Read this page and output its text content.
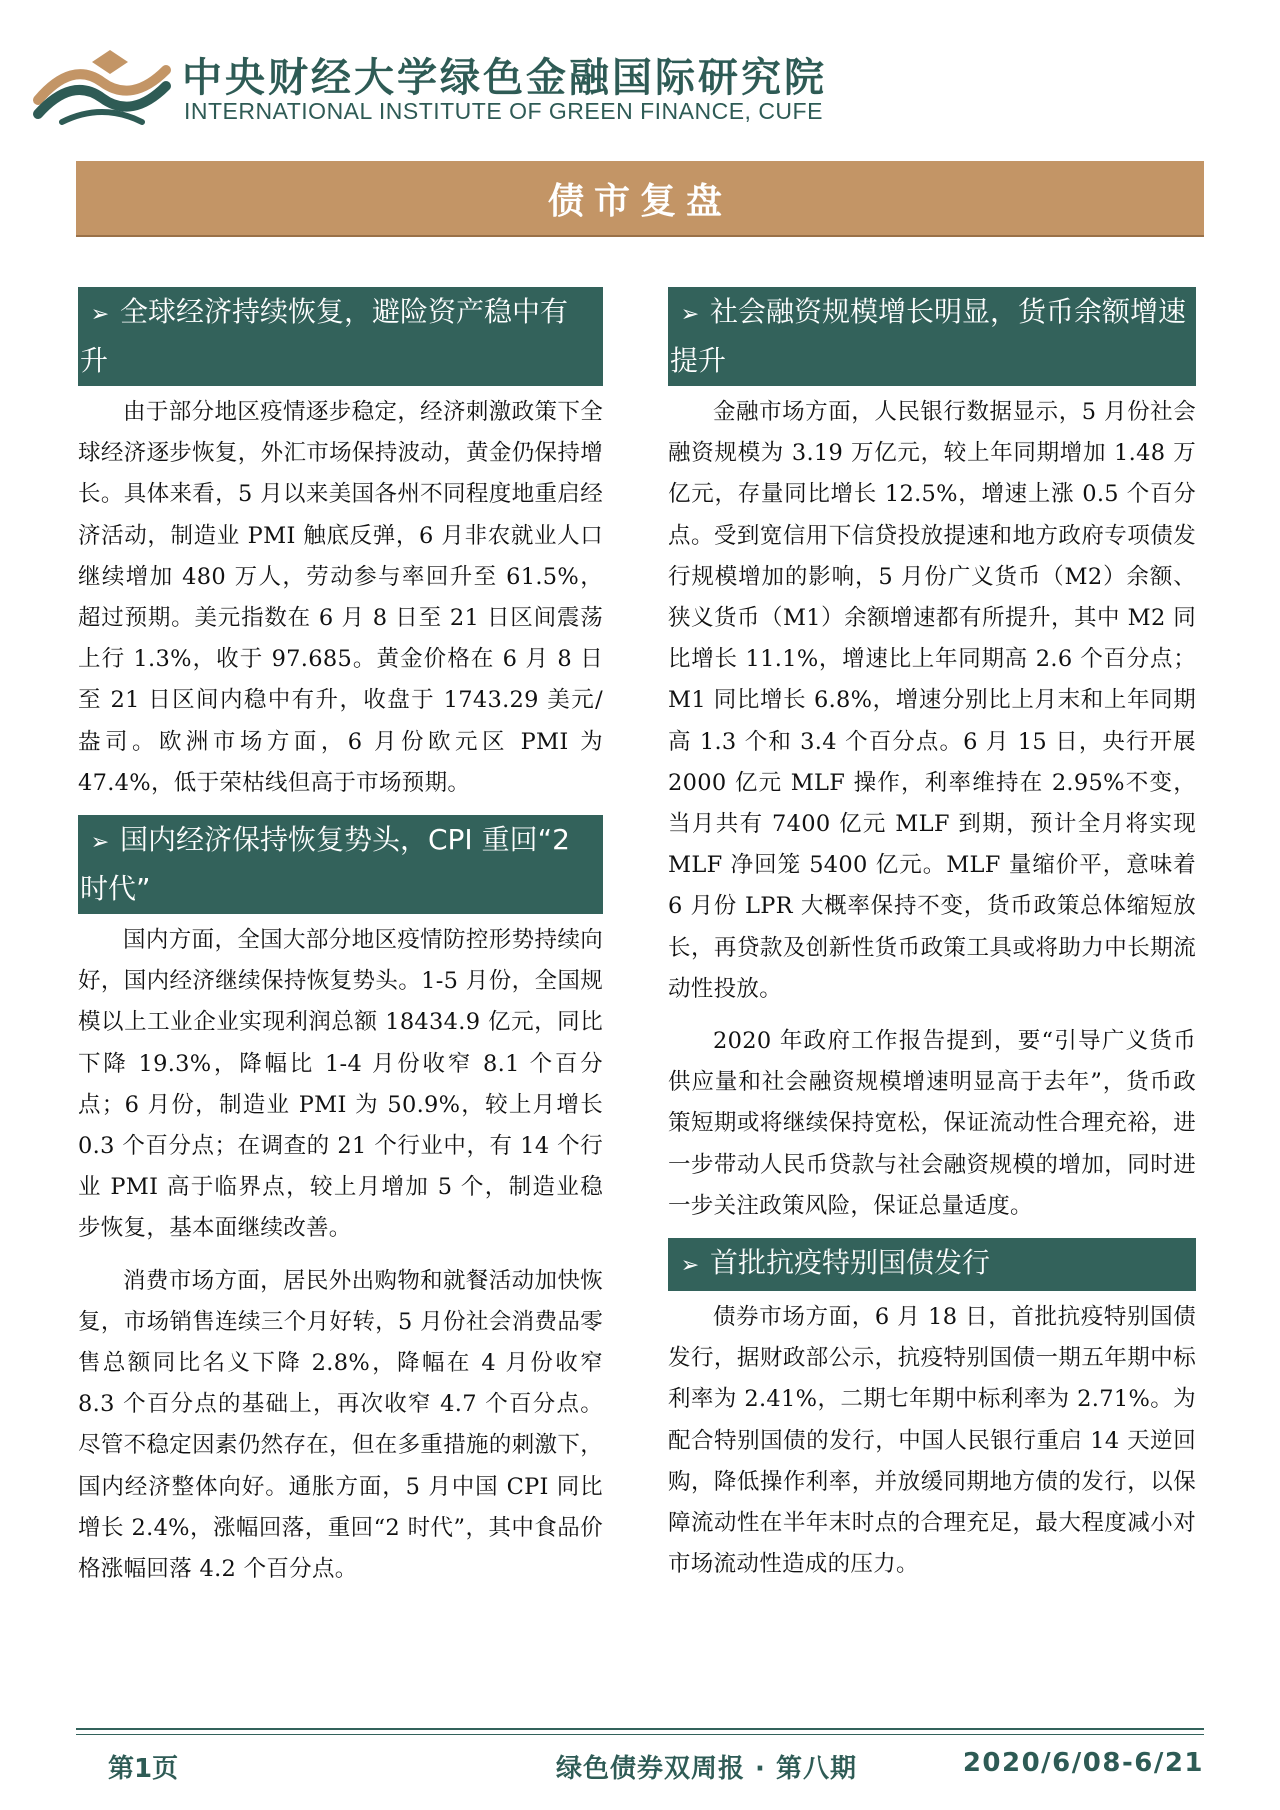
中央财经大学绿色金融国际研究院
INTERNATIONAL INSTITUTE OF GREEN FINANCE, CUFE
债市复盘
➢ 全球经济持续恢复，避险资产稳中有升

由于部分地区疫情逐步稳定，经济刺激政策下全球经济逐步恢复，外汇市场保持波动，黄金仍保持增长。具体来看，5 月以来美国各州不同程度地重启经济活动，制造业 PMI 触底反弹，6 月非农就业人口继续增加 480 万人，劳动参与率回升至 61.5%，超过预期。美元指数在 6 月 8 日至 21 日区间震荡上行 1.3%，收于 97.685。黄金价格在 6 月 8 日至 21 日区间内稳中有升，收盘于 1743.29 美元/盎司。欧洲市场方面，6 月份欧元区 PMI 为 47.4%，低于荣枯线但高于市场预期。

➢ 国内经济保持恢复势头，CPI 重回“2 时代”

国内方面，全国大部分地区疫情防控形势持续向好，国内经济继续保持恢复势头。1-5 月份，全国规模以上工业企业实现利润总额 18434.9 亿元，同比下降 19.3%，降幅比 1-4 月份收窄 8.1 个百分点；6 月份，制造业 PMI 为 50.9%，较上月增长 0.3 个百分点；在调查的 21 个行业中，有 14 个行业 PMI 高于临界点，较上月增加 5 个，制造业稳步恢复，基本面继续改善。

消费市场方面，居民外出购物和就餐活动加快恢复，市场销售连续三个月好转，5 月份社会消费品零售总额同比名义下降 2.8%，降幅在 4 月份收窄 8.3 个百分点的基础上，再次收窄 4.7 个百分点。尽管不稳定因素仍然存在，但在多重措施的刺激下，国内经济整体向好。通胀方面，5 月中国 CPI 同比增长 2.4%，涨幅回落，重回“2 时代”，其中食品价格涨幅回落 4.2 个百分点。

➢ 社会融资规模增长明显，货币余额增速提升

金融市场方面，人民银行数据显示，5 月份社会融资规模为 3.19 万亿元，较上年同期增加 1.48 万亿元，存量同比增长 12.5%，增速上涨 0.5 个百分点。受到宽信用下信贷投放提速和地方政府专项债发行规模增加的影响，5 月份广义货币（M2）余额、狭义货币（M1）余额增速都有所提升，其中 M2 同比增长 11.1%，增速比上年同期高 2.6 个百分点；M1 同比增长 6.8%，增速分别比上月末和上年同期高 1.3 个和 3.4 个百分点。6 月 15 日，央行开展 2000 亿元 MLF 操作，利率维持在 2.95%不变，当月共有 7400 亿元 MLF 到期，预计全月将实现 MLF 净回笼 5400 亿元。MLF 量缩价平，意味着 6 月份 LPR 大概率保持不变，货币政策总体缩短放长，再贷款及创新性货币政策工具或将助力中长期流动性投放。

2020 年政府工作报告提到，要“引导广义货币供应量和社会融资规模增速明显高于去年”，货币政策短期或将继续保持宽松，保证流动性合理充裕，进一步带动人民币贷款与社会融资规模的增加，同时进一步关注政策风险，保证总量适度。

➢ 首批抗疫特别国债发行

债券市场方面，6 月 18 日，首批抗疫特别国债发行，据财政部公示，抗疫特别国债一期五年期中标利率为 2.41%，二期七年期中标利率为 2.71%。为配合特别国债的发行，中国人民银行重启 14 天逆回购，降低操作利率，并放缓同期地方债的发行，以保障流动性在半年末时点的合理充足，最大程度减小对市场流动性造成的压力。

第1页	绿色债券双周报 · 第八期	2020/6/08-6/21
